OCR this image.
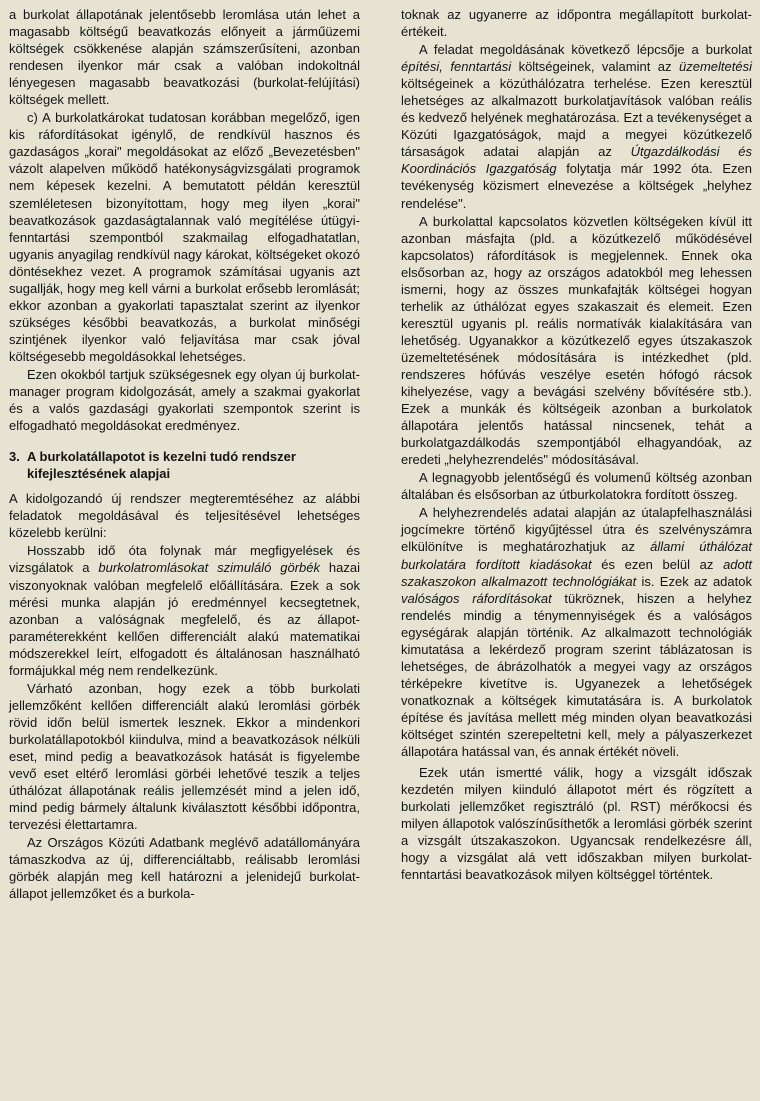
a burkolat állapotának jelentősebb leromlása után lehet a magasabb költségű beavatkozás előnyeit a járműüzemi költségek csökkenése alapján számszerűsíteni, azonban rendesen ilyenkor már csak a valóban indokoltnál lényegesen magasabb beavatkozási (burkolat-felújítási) költségek mellett.

c) A burkolatkárokat tudatosan korábban megelőző, igen kis ráfordításokat igénylő, de rendkívül hasznos és gazdaságos „korai" megoldásokat az előző „Bevezetésben" vázolt alapelven működő hatékonyságvizsgálati programok nem képesek kezelni. A bemutatott példán keresztül szemléletesen bizonyítottam, hogy meg ilyen „korai" beavatkozások gazdaságtalannak való megítélése útügyi-fenntartási szempontból szakmailag elfogadhatatlan, ugyanis anyagilag rendkívül nagy károkat, költségeket okozó döntésekhez vezet. A programok számításai ugyanis azt sugallják, hogy meg kell várni a burkolat erősebb leromlását; ekkor azonban a gyakorlati tapasztalat szerint az ilyenkor szükséges későbbi beavatkozás, a burkolat minőségi szintjének ilyenkor való feljavítása mar csak jóval költségesebb megoldásokkal lehetséges.

Ezen okokból tartjuk szükségesnek egy olyan új burkolat-manager program kidolgozását, amely a szakmai gyakorlat és a valós gazdasági gyakorlati szempontok szerint is elfogadható megoldásokat eredményez.

3. A burkolatállapotot is kezelni tudó rendszer kifejlesztésének alapjai

A kidolgozandó új rendszer megteremtéséhez az alábbi feladatok megoldásával és teljesítésével lehetséges közelebb kerülni:

Hosszabb idő óta folynak már megfigyelések és vizsgálatok a burkolatromlásokat szimuláló görbék hazai viszonyoknak valóban megfelelő előállítására. Ezek a sok mérési munka alapján jó eredménnyel kecsegtetnek, azonban a valóságnak megfelelő, és az állapot-paraméterekként kellően differenciált alakú matematikai módszerekkel leírt, elfogadott és általánosan használható formájukkal még nem rendelkezünk.

Várható azonban, hogy ezek a több burkolati jellemzőként kellően differenciált alakú leromlási görbék rövid időn belül ismertek lesznek. Ekkor a mindenkori burkolatállapotokból kiindulva, mind a beavatkozások nélküli eset, mind pedig a beavatkozások hatását is figyelembe vevő eset eltérő leromlási görbéi lehetővé teszik a teljes úthálózat állapotának reális jellemzését mind a jelen idő, mind pedig bármely általunk kiválasztott későbbi időpontra, tervezési élettartamra.

Az Országos Közúti Adatbank meglévő adatállományára támaszkodva az új, differenciáltabb, reálisabb leromlási görbék alapján meg kell határozni a jelenidejű burkolat-állapot jellemzőket és a burkola-

toknak az ugyanerre az időpontra megállapított burkolat-értékeit.

A feladat megoldásának következő lépcsője a burkolat építési, fenntartási költségeinek, valamint az üzemeltetési költségeinek a közúthálózatra terhelése. Ezen keresztül lehetséges az alkalmazott burkolatjavítások valóban reális és kedvező helyének meghatározása. Ezt a tevékenységet a Közúti Igazgatóságok, majd a megyei közútkezelő társaságok adatai alapján az Útgazdálkodási és Koordinációs Igazgatóság folytatja már 1992 óta. Ezen tevékenység közismert elnevezése a költségek „helyhez rendelése".

A burkolattal kapcsolatos közvetlen költségeken kívül itt azonban másfajta (pld. a közútkezelő működésével kapcsolatos) ráfordítások is megjelennek. Ennek oka elsősorban az, hogy az országos adatokból meg lehessen ismerni, hogy az összes munkafajták költségei hogyan terhelik az úthálózat egyes szakaszait és elemeit. Ezen keresztül ugyanis pl. reális normatívák kialakítására van lehetőség. Ugyanakkor a közútkezelő egyes útszakaszok üzemeltetésének módosítására is intézkedhet (pld. rendszeres hófúvás veszélye esetén hófogó rácsok kihelyezése, vagy a bevágási szelvény bővítésére stb.). Ezek a munkák és költségeik azonban a burkolatok állapotára jelentős hatással nincsenek, tehát a burkolatgazdálkodás szempontjából elhagyandóak, az eredeti „helyhezrendelés" módosításával.

A legnagyobb jelentőségű és volumenű költség azonban általában és elsősorban az útburkolatokra fordított összeg.

A helyhezrendelés adatai alapján az útalapfelhasználási jogcímekre történő kigyűjtéssel útra és szelvényszámra elkülönítve is meghatározhatjuk az állami úthálózat burkolatára fordított kiadásokat és ezen belül az adott szakaszokon alkalmazott technológiákat is. Ezek az adatok valóságos ráfordításokat tükröznek, hiszen a helyhez rendelés mindig a ténymennyiségek és a valóságos egységárak alapján történik. Az alkalmazott technológiák kimutatása a lekérdező program szerint táblázatosan is lehetséges, de ábrázolhatók a megyei vagy az országos térképekre kivetítve is. Ugyanezek a lehetőségek vonatkoznak a költségek kimutatására is. A burkolatok építése és javítása mellett még minden olyan beavatkozási költséget szintén szerepeltetni kell, mely a pályaszerkezet állapotára hatással van, és annak értékét növeli.

Ezek után ismertté válik, hogy a vizsgált időszak kezdetén milyen kiinduló állapotot mért és rögzített a burkolati jellemzőket regisztráló (pl. RST) mérőkocsi és milyen állapotok valószínűsíthetők a leromlási görbék szerint a vizsgált útszakaszokon. Ugyancsak rendelkezésre áll, hogy a vizsgálat alá vett időszakban milyen burkolat-fenntartási beavatkozások milyen költséggel történtek.
